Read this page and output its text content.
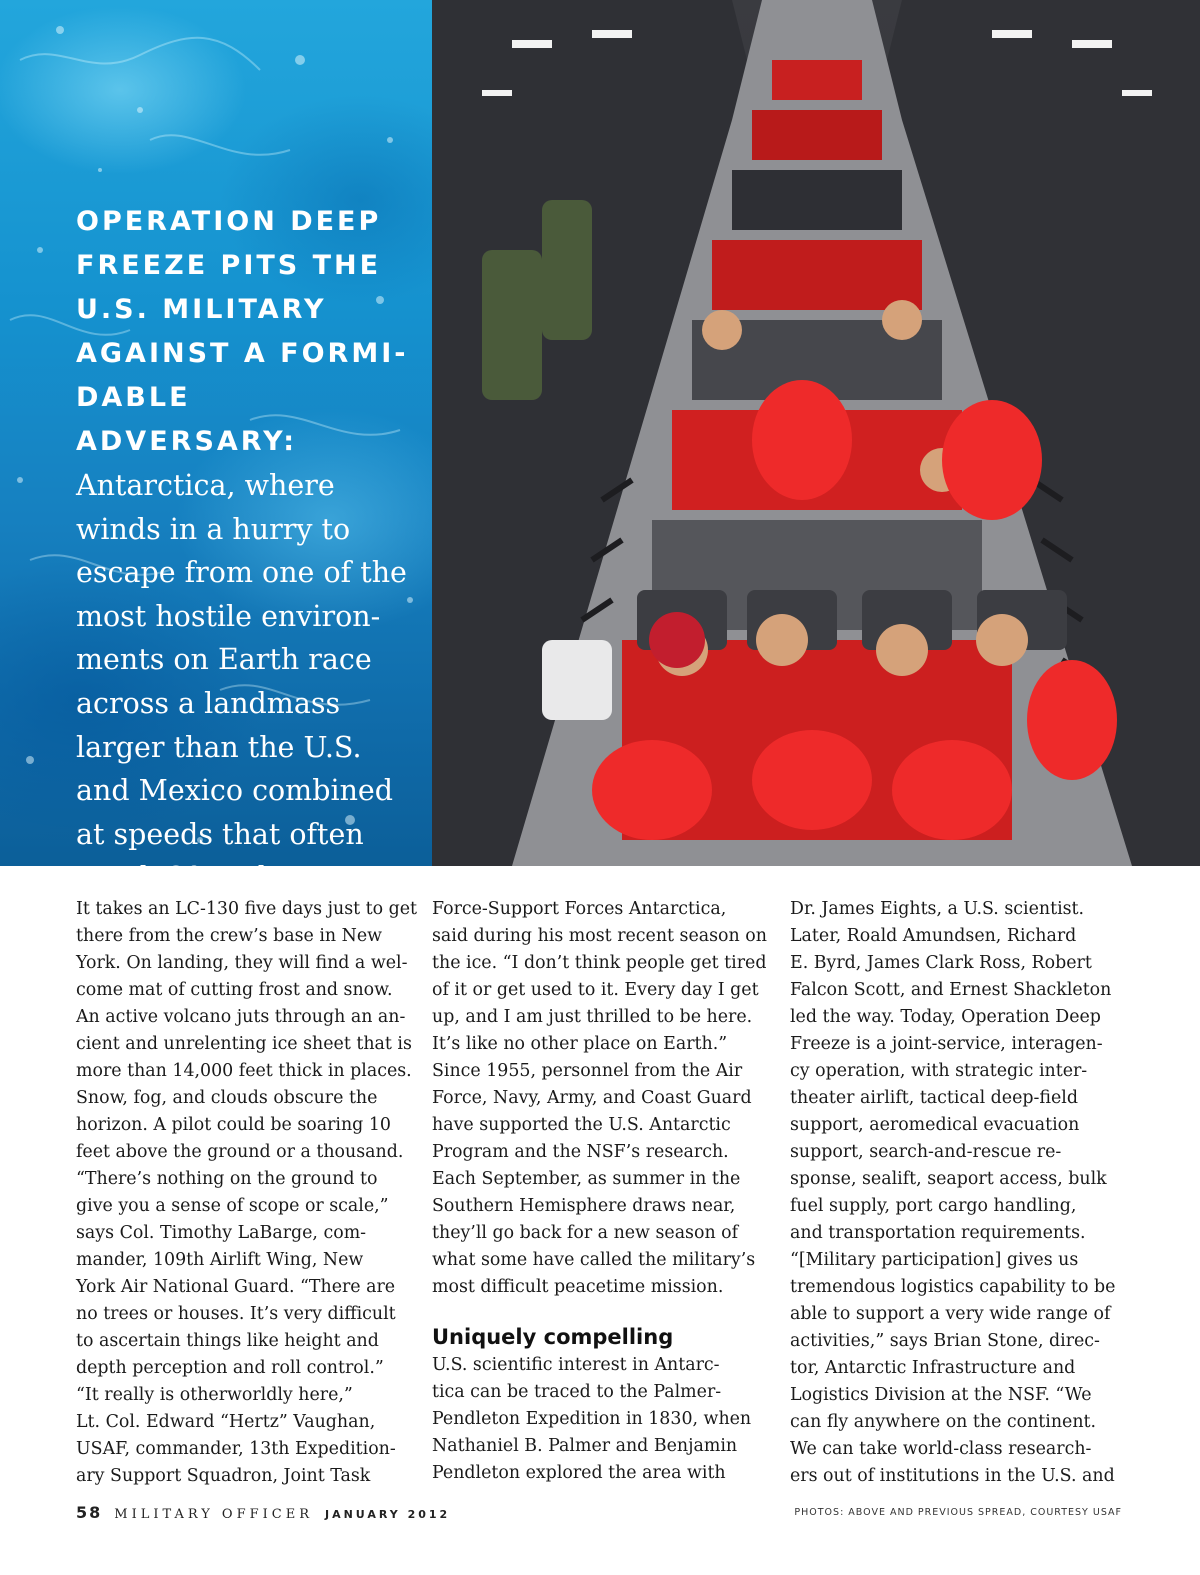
OPERATION DEEP
FREEZE PITS THE
U.S. MILITARY
AGAINST A FORMI-
DABLE ADVERSARY:
Antarctica, where
winds in a hurry to
escape from one of the
most hostile environ-
ments on Earth race
across a landmass
larger than the U.S.
and Mexico combined
at speeds that often
reach 80 mph.

It takes an LC-130 five days just to get
there from the crew’s base in New
York. On landing, they will find a wel-
come mat of cutting frost and snow.
An active volcano juts through an an-
cient and unrelenting ice sheet that is
more than 14,000 feet thick in places.

Snow, fog, and clouds obscure the
horizon. A pilot could be soaring 10
feet above the ground or a thousand.
“There’s nothing on the ground to
give you a sense of scope or scale,”
says Col. Timothy LaBarge, com-
mander, 109th Airlift Wing, New
York Air National Guard. “There are
no trees or houses. It’s very difficult
to ascertain things like height and
depth perception and roll control.”

“It really is otherworldly here,”
Lt. Col. Edward “Hertz” Vaughan,
USAF, commander, 13th Expedition-
ary Support Squadron, Joint Task

Force-Support Forces Antarctica,
said during his most recent season on
the ice. “I don’t think people get tired
of it or get used to it. Every day I get
up, and I am just thrilled to be here.
It’s like no other place on Earth.”

Since 1955, personnel from the Air
Force, Navy, Army, and Coast Guard
have supported the U.S. Antarctic
Program and the NSF’s research.
Each September, as summer in the
Southern Hemisphere draws near,
they’ll go back for a new season of
what some have called the military’s
most difficult peacetime mission.

Uniquely compelling

U.S. scientific interest in Antarc-
tica can be traced to the Palmer-
Pendleton Expedition in 1830, when
Nathaniel B. Palmer and Benjamin
Pendleton explored the area with

Dr. James Eights, a U.S. scientist.
Later, Roald Amundsen, Richard
E. Byrd, James Clark Ross, Robert
Falcon Scott, and Ernest Shackleton
led the way. Today, Operation Deep
Freeze is a joint-service, interagen-
cy operation, with strategic inter-
theater airlift, tactical deep-field
support, aeromedical evacuation
support, search-and-rescue re-
sponse, sealift, seaport access, bulk
fuel supply, port cargo handling,
and transportation requirements.

“[Military participation] gives us
tremendous logistics capability to be
able to support a very wide range of
activities,” says Brian Stone, direc-
tor, Antarctic Infrastructure and
Logistics Division at the NSF. “We
can fly anywhere on the continent.
We can take world-class research-
ers out of institutions in the U.S. and

58 MILITARY OFFICER JANUARY 2012	PHOTOS: ABOVE AND PREVIOUS SPREAD, COURTESY USAF
